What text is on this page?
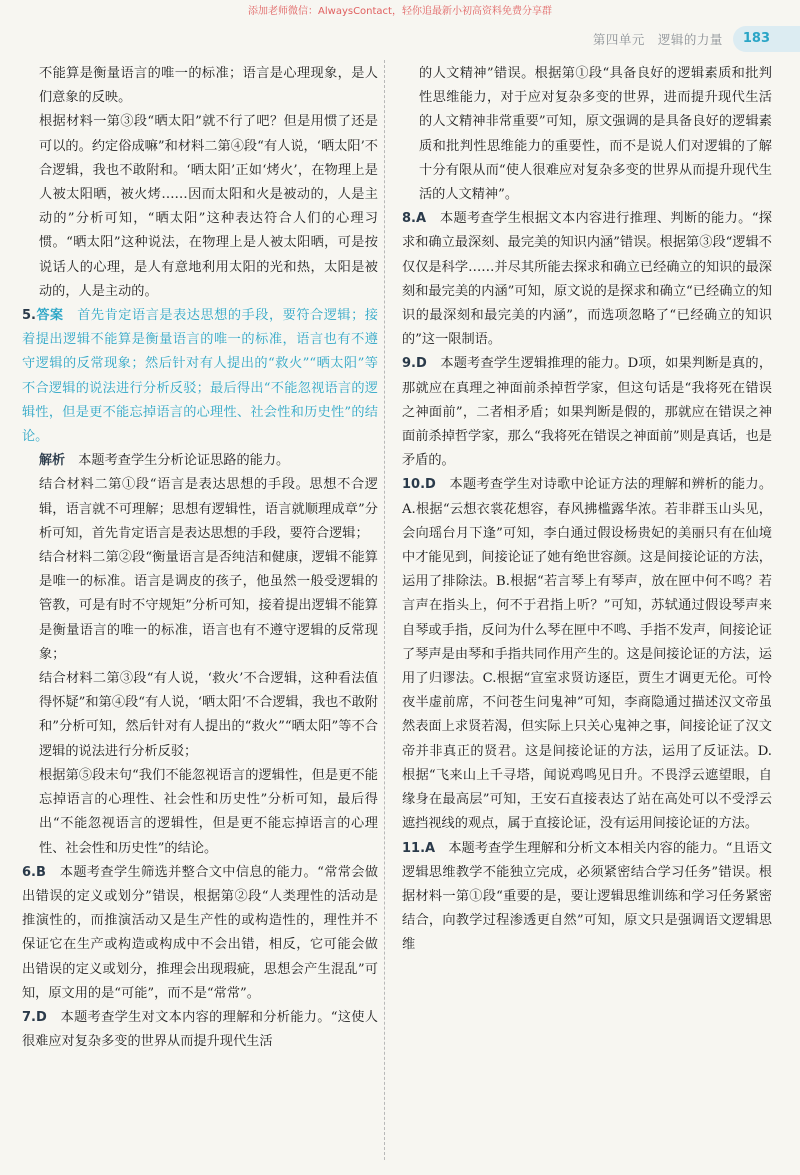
添加老师微信：AlwaysContact，轻你追最新小初高资料免费分享群
第四单元　逻辑的力量	183

不能算是衡量语言的唯一的标准；语言是心理现象，是人们意象的反映。

根据材料一第③段“晒太阳”就不行了吧？但是用惯了还是可以的。约定俗成嘛”和材料二第④段“有人说，‘晒太阳’不合逻辑，我也不敢附和。‘晒太阳’正如‘烤火’，在物理上是人被太阳晒，被火烤……因而太阳和火是被动的，人是主动的”分析可知，“晒太阳”这种表达符合人们的心理习惯。“晒太阳”这种说法，在物理上是人被太阳晒，可是按说话人的心理，是人有意地利用太阳的光和热，太阳是被动的，人是主动的。

5.答案　 首先肯定语言是表达思想的手段，要符合逻辑；接着提出逻辑不能算是衡量语言的唯一的标准，语言也有不遵守逻辑的反常现象；然后针对有人提出的“救火”“晒太阳”等不合逻辑的说法进行分析反驳；最后得出“不能忽视语言的逻辑性，但是更不能忘掉语言的心理性、社会性和历史性”的结论。

解析　 本题考查学生分析论证思路的能力。

结合材料二第①段“语言是表达思想的手段。思想不合逻辑，语言就不可理解；思想有逻辑性，语言就顺理成章”分析可知，首先肯定语言是表达思想的手段，要符合逻辑；

结合材料二第②段“衡量语言是否纯洁和健康，逻辑不能算是唯一的标准。语言是调皮的孩子，他虽然一般受逻辑的管教，可是有时不守规矩”分析可知，接着提出逻辑不能算是衡量语言的唯一的标准，语言也有不遵守逻辑的反常现象；

结合材料二第③段“有人说，‘救火’不合逻辑，这种看法值得怀疑”和第④段“有人说，‘晒太阳’不合逻辑，我也不敢附和”分析可知，然后针对有人提出的“救火”“晒太阳”等不合逻辑的说法进行分析反驳；

根据第⑤段末句“我们不能忽视语言的逻辑性，但是更不能忘掉语言的心理性、社会性和历史性”分析可知，最后得出“不能忽视语言的逻辑性，但是更不能忘掉语言的心理性、社会性和历史性”的结论。

6.B　 本题考查学生筛选并整合文中信息的能力。“常常会做出错误的定义或划分”错误，根据第②段“人类理性的活动是推演性的，而推演活动又是生产性的或构造性的，理性并不保证它在生产或构造或构成中不会出错，相反，它可能会做出错误的定义或划分，推理会出现瑕疵，思想会产生混乱”可知，原文用的是“可能”，而不是“常常”。

7.D　 本题考查学生对文本内容的理解和分析能力。“这使人很难应对复杂多变的世界从而提升现代生活

的人文精神”错误。根据第①段“具备良好的逻辑素质和批判性思维能力，对于应对复杂多变的世界，进而提升现代生活的人文精神非常重要”可知，原文强调的是具备良好的逻辑素质和批判性思维能力的重要性，而不是说人们对逻辑的了解十分有限从而“使人很难应对复杂多变的世界从而提升现代生活的人文精神”。

8.A　 本题考查学生根据文本内容进行推理、判断的能力。“探求和确立最深刻、最完美的知识内涵”错误。根据第③段“逻辑不仅仅是科学……并尽其所能去探求和确立已经确立的知识的最深刻和最完美的内涵”可知，原文说的是探求和确立“已经确立的知识的最深刻和最完美的内涵”，而选项忽略了“已经确立的知识的”这一限制语。

9.D　 本题考查学生逻辑推理的能力。D项，如果判断是真的，那就应在真理之神面前杀掉哲学家，但这句话是“我将死在错误之神面前”，二者相矛盾；如果判断是假的，那就应在错误之神面前杀掉哲学家，那么“我将死在错误之神面前”则是真话，也是矛盾的。

10.D　 本题考查学生对诗歌中论证方法的理解和辨析的能力。A.根据“云想衣裳花想容，春风拂槛露华浓。若非群玉山头见，会向瑶台月下逢”可知，李白通过假设杨贵妃的美丽只有在仙境中才能见到，间接论证了她有绝世容颜。这是间接论证的方法，运用了排除法。B.根据“若言琴上有琴声，放在匣中何不鸣？若言声在指头上，何不于君指上听？”可知，苏轼通过假设琴声来自琴或手指，反问为什么琴在匣中不鸣、手指不发声，间接论证了琴声是由琴和手指共同作用产生的。这是间接论证的方法，运用了归谬法。C.根据“宣室求贤访逐臣，贾生才调更无伦。可怜夜半虚前席，不问苍生问鬼神”可知，李商隐通过描述汉文帝虽然表面上求贤若渴，但实际上只关心鬼神之事，间接论证了汉文帝并非真正的贤君。这是间接论证的方法，运用了反证法。D.根据“飞来山上千寻塔，闻说鸡鸣见日升。不畏浮云遮望眼，自缘身在最高层”可知，王安石直接表达了站在高处可以不受浮云遮挡视线的观点，属于直接论证，没有运用间接论证的方法。

11.A　 本题考查学生理解和分析文本相关内容的能力。“且语文逻辑思维教学不能独立完成，必须紧密结合学习任务”错误。根据材料一第①段“重要的是，要让逻辑思维训练和学习任务紧密结合，向教学过程渗透更自然”可知，原文只是强调语文逻辑思维
